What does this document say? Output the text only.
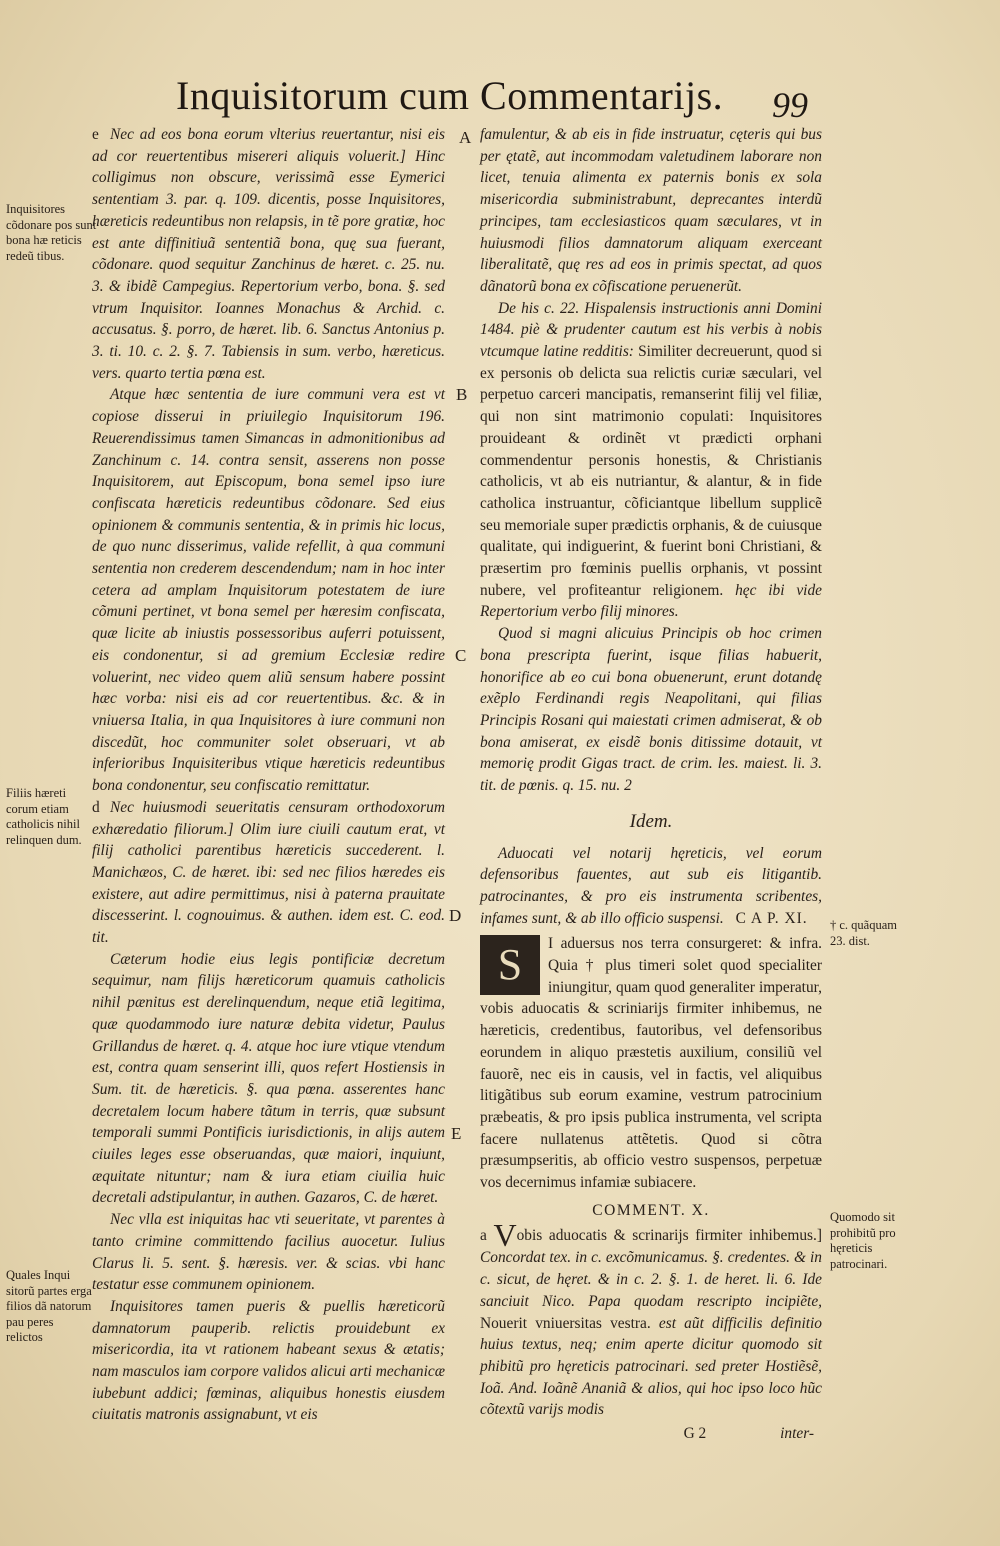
Inquisitorum cum Commentarijs. 99

Inquisitores cõdonare pos sunt bona hæ reticis redeũ tibus.

Filiis hæreti corum etiam catholicis nihil relinquen dum.

Quales Inqui sitorũ partes erga filios dã natorum pau peres relictos

A
B
C
D
E

e Nec ad eos bona eorum vlterius reuertantur, nisi eis ad cor reuertentibus misereri aliquis voluerit.] Hinc colligimus non obscure, verissimã esse Eymerici sententiam 3. par. q. 109. dicentis, posse Inquisitores, hæreticis redeuntibus non relapsis, in tẽ pore gratiæ, hoc est ante diffinitiuã sententiã bona, quę sua fuerant, cõdonare. quod sequitur Zanchinus de hæret. c. 25. nu. 3. & ibidẽ Campegius. Repertorium verbo, bona. §. sed vtrum Inquisitor. Ioannes Monachus & Archid. c. accusatus. §. porro, de hæret. lib. 6. Sanctus Antonius p. 3. ti. 10. c. 2. §. 7. Tabiensis in sum. verbo, hæreticus. vers. quarto tertia pœna est.

Atque hæc sententia de iure communi vera est vt copiose disserui in priuilegio Inquisitorum 196. Reuerendissimus tamen Simancas in admonitionibus ad Zanchinum c. 14. contra sensit, asserens non posse Inquisitorem, aut Episcopum, bona semel ipso iure confiscata hæreticis redeuntibus cõdonare. Sed eius opinionem & communis sententia, & in primis hic locus, de quo nunc disserimus, valide refellit, à qua communi sententia non crederem descendendum; nam in hoc inter cetera ad amplam Inquisitorum potestatem de iure cõmuni pertinet, vt bona semel per hæresim confiscata, quæ licite ab iniustis possessoribus auferri potuissent, eis condonentur, si ad gremium Ecclesiæ redire voluerint, nec video quem aliũ sensum habere possint hæc vorba: nisi eis ad cor reuertentibus. &c. & in vniuersa Italia, in qua Inquisitores à iure communi non discedũt, hoc communiter solet obseruari, vt ab inferioribus Inquisiteribus vtique hæreticis redeuntibus bona condonentur, seu confiscatio remittatur.

d Nec huiusmodi seueritatis censuram orthodoxorum exhæredatio filiorum.] Olim iure ciuili cautum erat, vt filij catholici parentibus hæreticis succederent. l. Manichæos, C. de hæret. ibi: sed nec filios hæredes eis existere, aut adire permittimus, nisi à paterna prauitate discesserint. l. cognouimus. & authen. idem est. C. eod. tit.

Cæterum hodie eius legis pontificiæ decretum sequimur, nam filijs hæreticorum quamuis catholicis nihil pænitus est derelinquendum, neque etiã legitima, quæ quodammodo iure naturæ debita videtur, Paulus Grillandus de hæret. q. 4. atque hoc iure vtique vtendum est, contra quam senserint illi, quos refert Hostiensis in Sum. tit. de hæreticis. §. qua pœna. asserentes hanc decretalem locum habere tãtum in terris, quæ subsunt temporali summi Pontificis iurisdictionis, in alijs autem ciuiles leges esse obseruandas, quæ maiori, inquiunt, æquitate nituntur; nam & iura etiam ciuilia huic decretali adstipulantur, in authen. Gazaros, C. de hæret.

Nec vlla est iniquitas hac vti seueritate, vt parentes à tanto crimine committendo facilius auocetur. Iulius Clarus li. 5. sent. §. hæresis. ver. & scias. vbi hanc testatur esse communem opinionem.

Inquisitores tamen pueris & puellis hæreticorũ damnatorum pauperib. relictis prouidebunt ex misericordia, ita vt rationem habeant sexus & ætatis; nam masculos iam corpore validos alicui arti mechanicæ iubebunt addici; fœminas, aliquibus honestis eiusdem ciuitatis matronis assignabunt, vt eis

famulentur, & ab eis in fide instruatur, cęteris qui bus per ętatẽ, aut incommodam valetudinem laborare non licet, tenuia alimenta ex paternis bonis ex sola misericordia subministrabunt, deprecantes interdũ principes, tam ecclesiasticos quam sæculares, vt in huiusmodi filios damnatorum aliquam exerceant liberalitatẽ, quę res ad eos in primis spectat, ad quos dãnatorũ bona ex cõfiscatione peruenerũt.

De his c. 22. Hispalensis instructionis anni Domini 1484. piè & prudenter cautum est his verbis à nobis vtcumque latine redditis: Similiter decreuerunt, quod si ex personis ob delicta sua relictis curiæ sæculari, vel perpetuo carceri mancipatis, remanserint filij vel filiæ, qui non sint matrimonio copulati: Inquisitores prouideant & ordinẽt vt prædicti orphani commendentur personis honestis, & Christianis catholicis, vt ab eis nutriantur, & alantur, & in fide catholica instruantur, cõficiantque libellum supplicẽ seu memoriale super prædictis orphanis, & de cuiusque qualitate, qui indiguerint, & fuerint boni Christiani, & præsertim pro fœminis puellis orphanis, vt possint nubere, vel profiteantur religionem. hęc ibi vide Repertorium verbo filij minores.

Quod si magni alicuius Principis ob hoc crimen bona prescripta fuerint, isque filias habuerit, honorifice ab eo cui bona obuenerunt, erunt dotandę exẽplo Ferdinandi regis Neapolitani, qui filias Principis Rosani qui maiestati crimen admiserat, & ob bona amiserat, ex eisdẽ bonis ditissime dotauit, vt memorię prodit Gigas tract. de crim. les. maiest. li. 3. tit. de pœnis. q. 15. nu. 2

Idem.

Aduocati vel notarij hęreticis, vel eorum defensoribus fauentes, aut sub eis litigantib. patrocinantes, & pro eis instrumenta scribentes, infames sunt, & ab illo officio suspensi. C A P. XI.

S	I aduersus nos terra consurgeret: & infra. Quia † plus timeri solet quod specialiter iniungitur, quam quod generaliter imperatur, vobis aduocatis & scriniarijs firmiter inhibemus, ne hæreticis, credentibus, fautoribus, vel defensoribus eorundem in aliquo præstetis auxilium, consiliũ vel fauorẽ, nec eis in causis, vel in factis, vel aliquibus litigãtibus sub eorum examine, vestrum patrocinium præbeatis, & pro ipsis publica instrumenta, vel scripta facere nullatenus attẽtetis. Quod si cõtra præsumpseritis, ab officio vestro suspensos, perpetuæ vos decernimus infamiæ subiacere.

COMMENT. X.

a Vobis aduocatis & scrinarijs firmiter inhibemus.] Concordat tex. in c. excõmunicamus. §. credentes. & in c. sicut, de hęret. & in c. 2. §. 1. de heret. li. 6. Ide sanciuit Nico. Papa quodam rescripto incipiẽte, Nouerit vniuersitas vestra. est aũt difficilis definitio huius textus, neq; enim aperte dicitur quomodo sit phibitũ pro hęreticis patrocinari. sed preter Hostiẽsẽ, Ioã. And. Ioãnẽ Ananiã & alios, qui hoc ipso loco hũc cõtextũ varijs modis

G 2	inter-

† c. quãquam 23. dist.

Quomodo sit prohibitũ pro hęreticis patrocinari.
